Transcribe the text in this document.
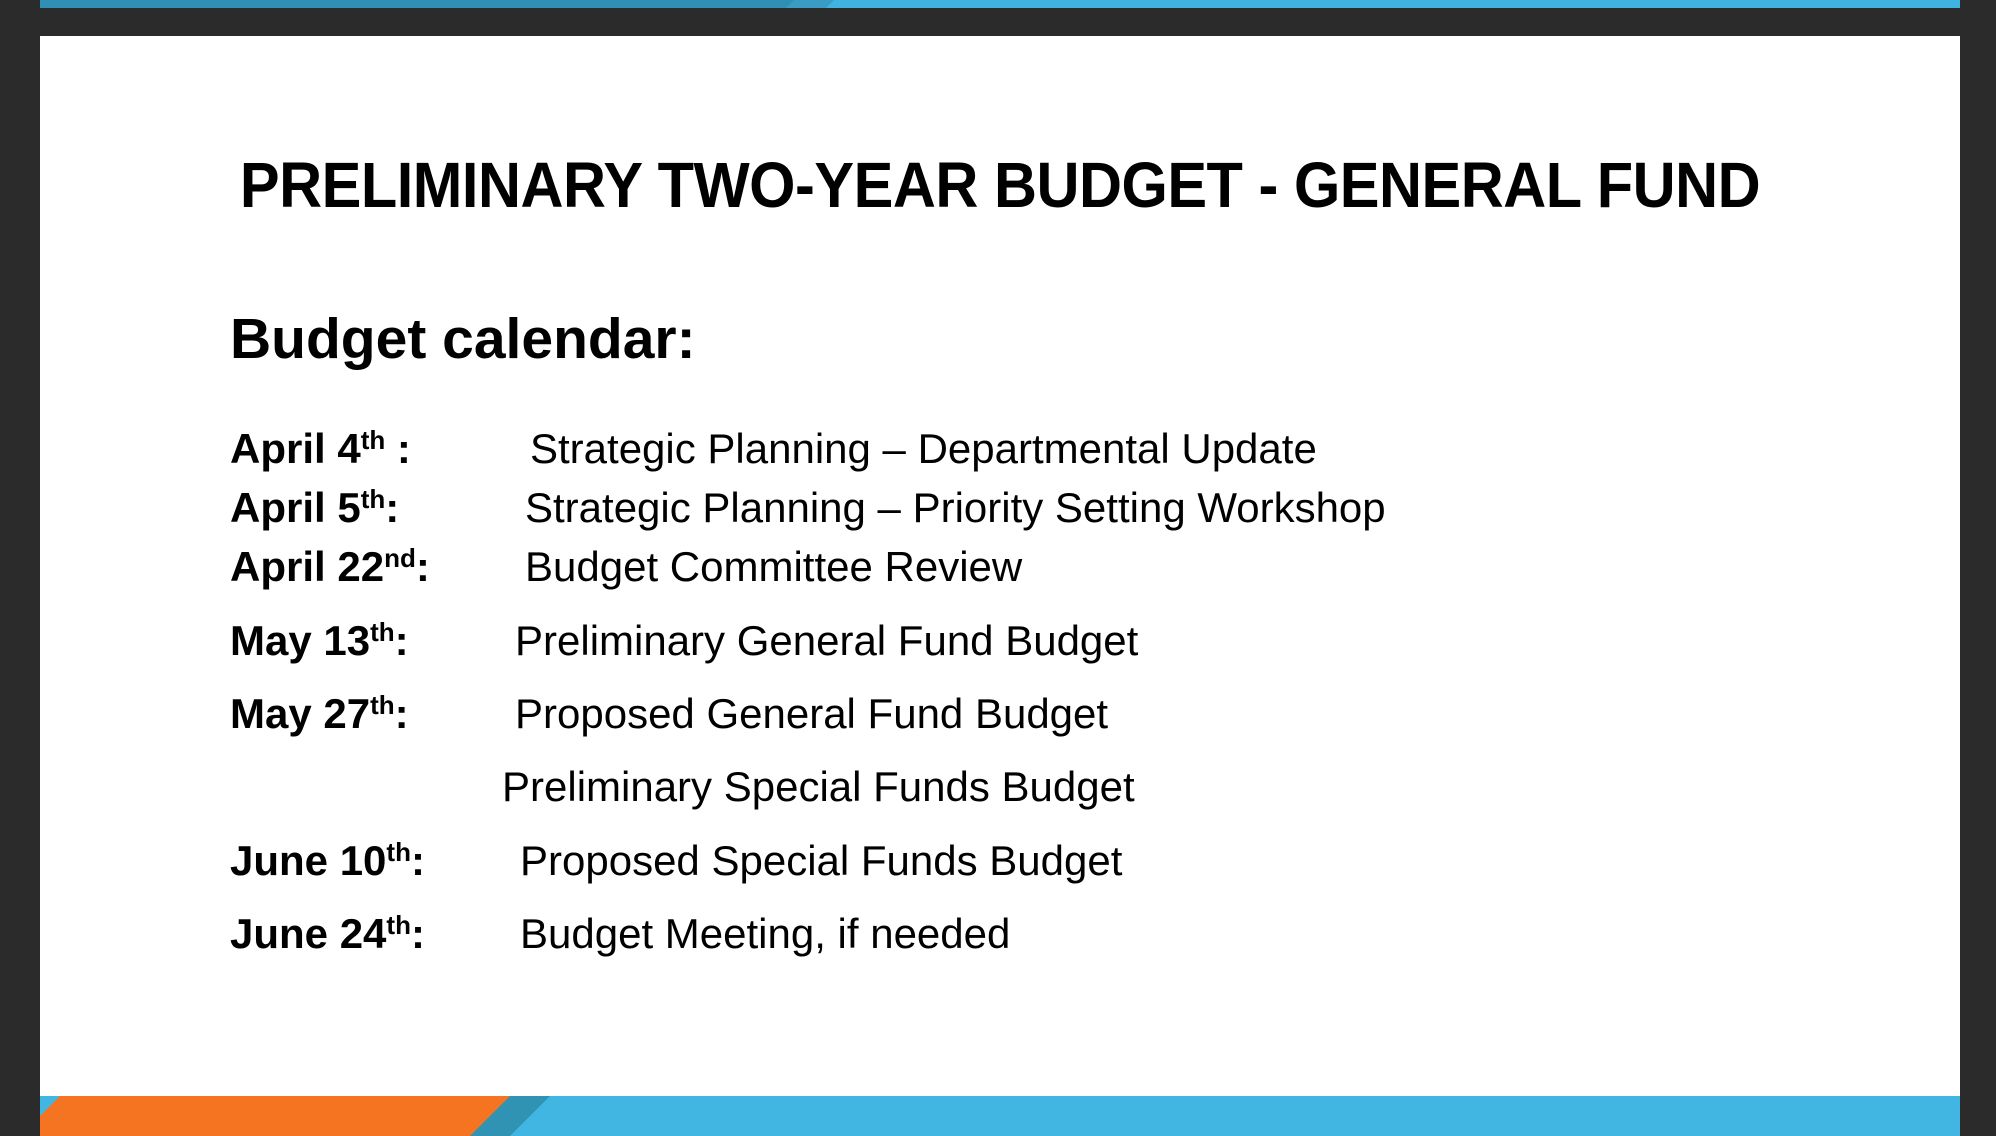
PRELIMINARY TWO-YEAR BUDGET - GENERAL FUND
Budget calendar:
April 4th :	Strategic Planning – Departmental Update
April 5th:	Strategic Planning – Priority Setting Workshop
April 22nd: Budget Committee Review
May 13th:	Preliminary General Fund Budget
May 27th:	Proposed General Fund Budget
Preliminary Special Funds Budget
June 10th: Proposed Special Funds Budget
June 24th: Budget Meeting, if needed
